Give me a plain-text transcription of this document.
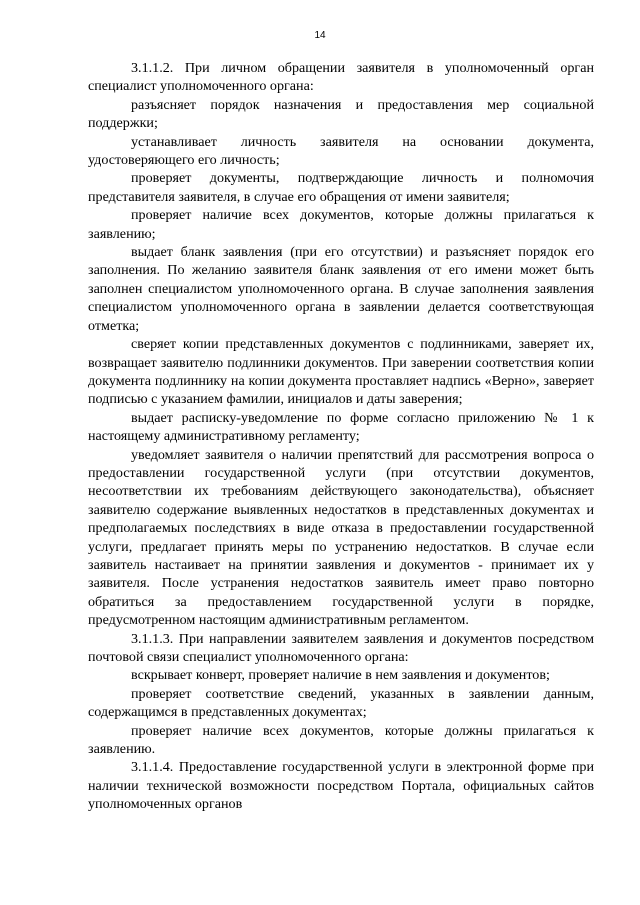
14

3.1.1.2. При личном обращении заявителя в уполномоченный орган специалист уполномоченного органа:

разъясняет порядок назначения и предоставления мер социальной поддержки;

устанавливает личность заявителя на основании документа, удостоверяющего его личность;

проверяет документы, подтверждающие личность и полномочия представителя заявителя, в случае его обращения от имени заявителя;

проверяет наличие всех документов, которые должны прилагаться к заявлению;

выдает бланк заявления (при его отсутствии) и разъясняет порядок его заполнения. По желанию заявителя бланк заявления от его имени может быть заполнен специалистом уполномоченного органа. В случае заполнения заявления специалистом уполномоченного органа в заявлении делается соответствующая отметка;

сверяет копии представленных документов с подлинниками, заверяет их, возвращает заявителю подлинники документов. При заверении соответствия копии документа подлиннику на копии документа проставляет надпись «Верно», заверяет подписью с указанием фамилии, инициалов и даты заверения;

выдает расписку-уведомление по форме согласно приложению № 1 к настоящему административному регламенту;

уведомляет заявителя о наличии препятствий для рассмотрения вопроса о предоставлении государственной услуги (при отсутствии документов, несоответствии их требованиям действующего законодательства), объясняет заявителю содержание выявленных недостатков в представленных документах и предполагаемых последствиях в виде отказа в предоставлении государственной услуги, предлагает принять меры по устранению недостатков. В случае если заявитель настаивает на принятии заявления и документов - принимает их у заявителя. После устранения недостатков заявитель имеет право повторно обратиться за предоставлением государственной услуги в порядке, предусмотренном настоящим административным регламентом.

3.1.1.3. При направлении заявителем заявления и документов посредством почтовой связи специалист уполномоченного органа:

вскрывает конверт, проверяет наличие в нем заявления и документов;

проверяет соответствие сведений, указанных в заявлении данным, содержащимся в представленных документах;

проверяет наличие всех документов, которые должны прилагаться к заявлению.

3.1.1.4. Предоставление государственной услуги в электронной форме при наличии технической возможности посредством Портала, официальных сайтов уполномоченных органов
